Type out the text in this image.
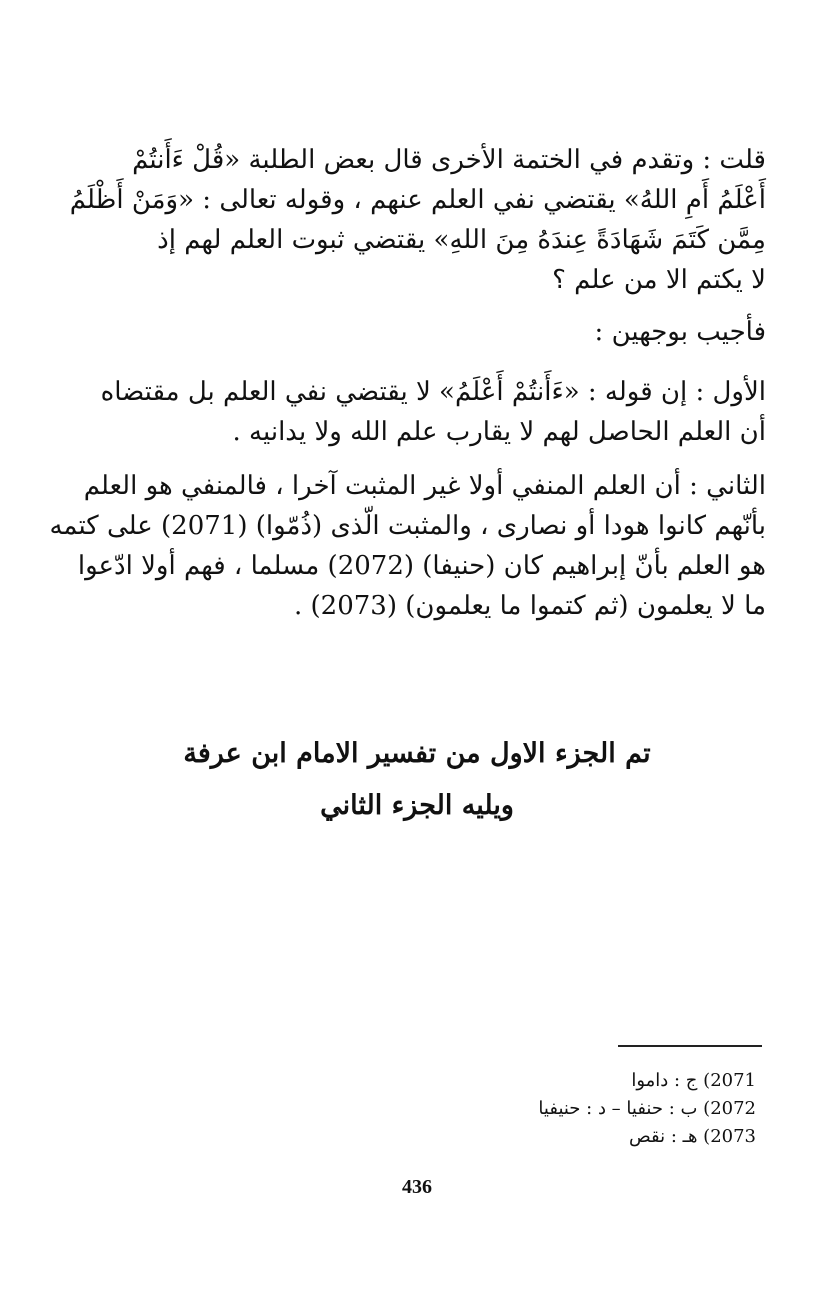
قلت : وتقدم في الختمة الأخرى قال بعض الطلبة «قُلْ ءَأَنتُمْ
أَعْلَمُ أَمِ اللهُ» يقتضي نفي العلم عنهم ، وقوله تعالى : «وَمَنْ أَظْلَمُ
مِمَّن كَتَمَ شَهَادَةً عِندَهُ مِنَ اللهِ» يقتضي ثبوت العلم لهم إذ
لا يكتم الا من علم ؟
فأجيب بوجهين :
الأول : إن قوله : «ءَأَنتُمْ أَعْلَمُ» لا يقتضي نفي العلم بل مقتضاه
أن العلم الحاصل لهم لا يقارب علم الله ولا يدانيه .
الثاني : أن العلم المنفي أولا غير المثبت آخرا ، فالمنفي هو العلم
بأنّهم كانوا هودا أو نصارى ، والمثبت الّذى (ذُمّوا) (2071) على كتمه
هو العلم بأنّ إبراهيم كان (حنيفا) (2072) مسلما ، فهم أولا ادّعوا
ما لا يعلمون (ثم كتموا ما يعلمون) (2073) .
تم الجزء الاول من تفسير الامام ابن عرفة
ويليه الجزء الثاني
2071) ج : داموا
2072) ب : حنفيا – د : حنيفيا
2073) هـ : نقص
436
